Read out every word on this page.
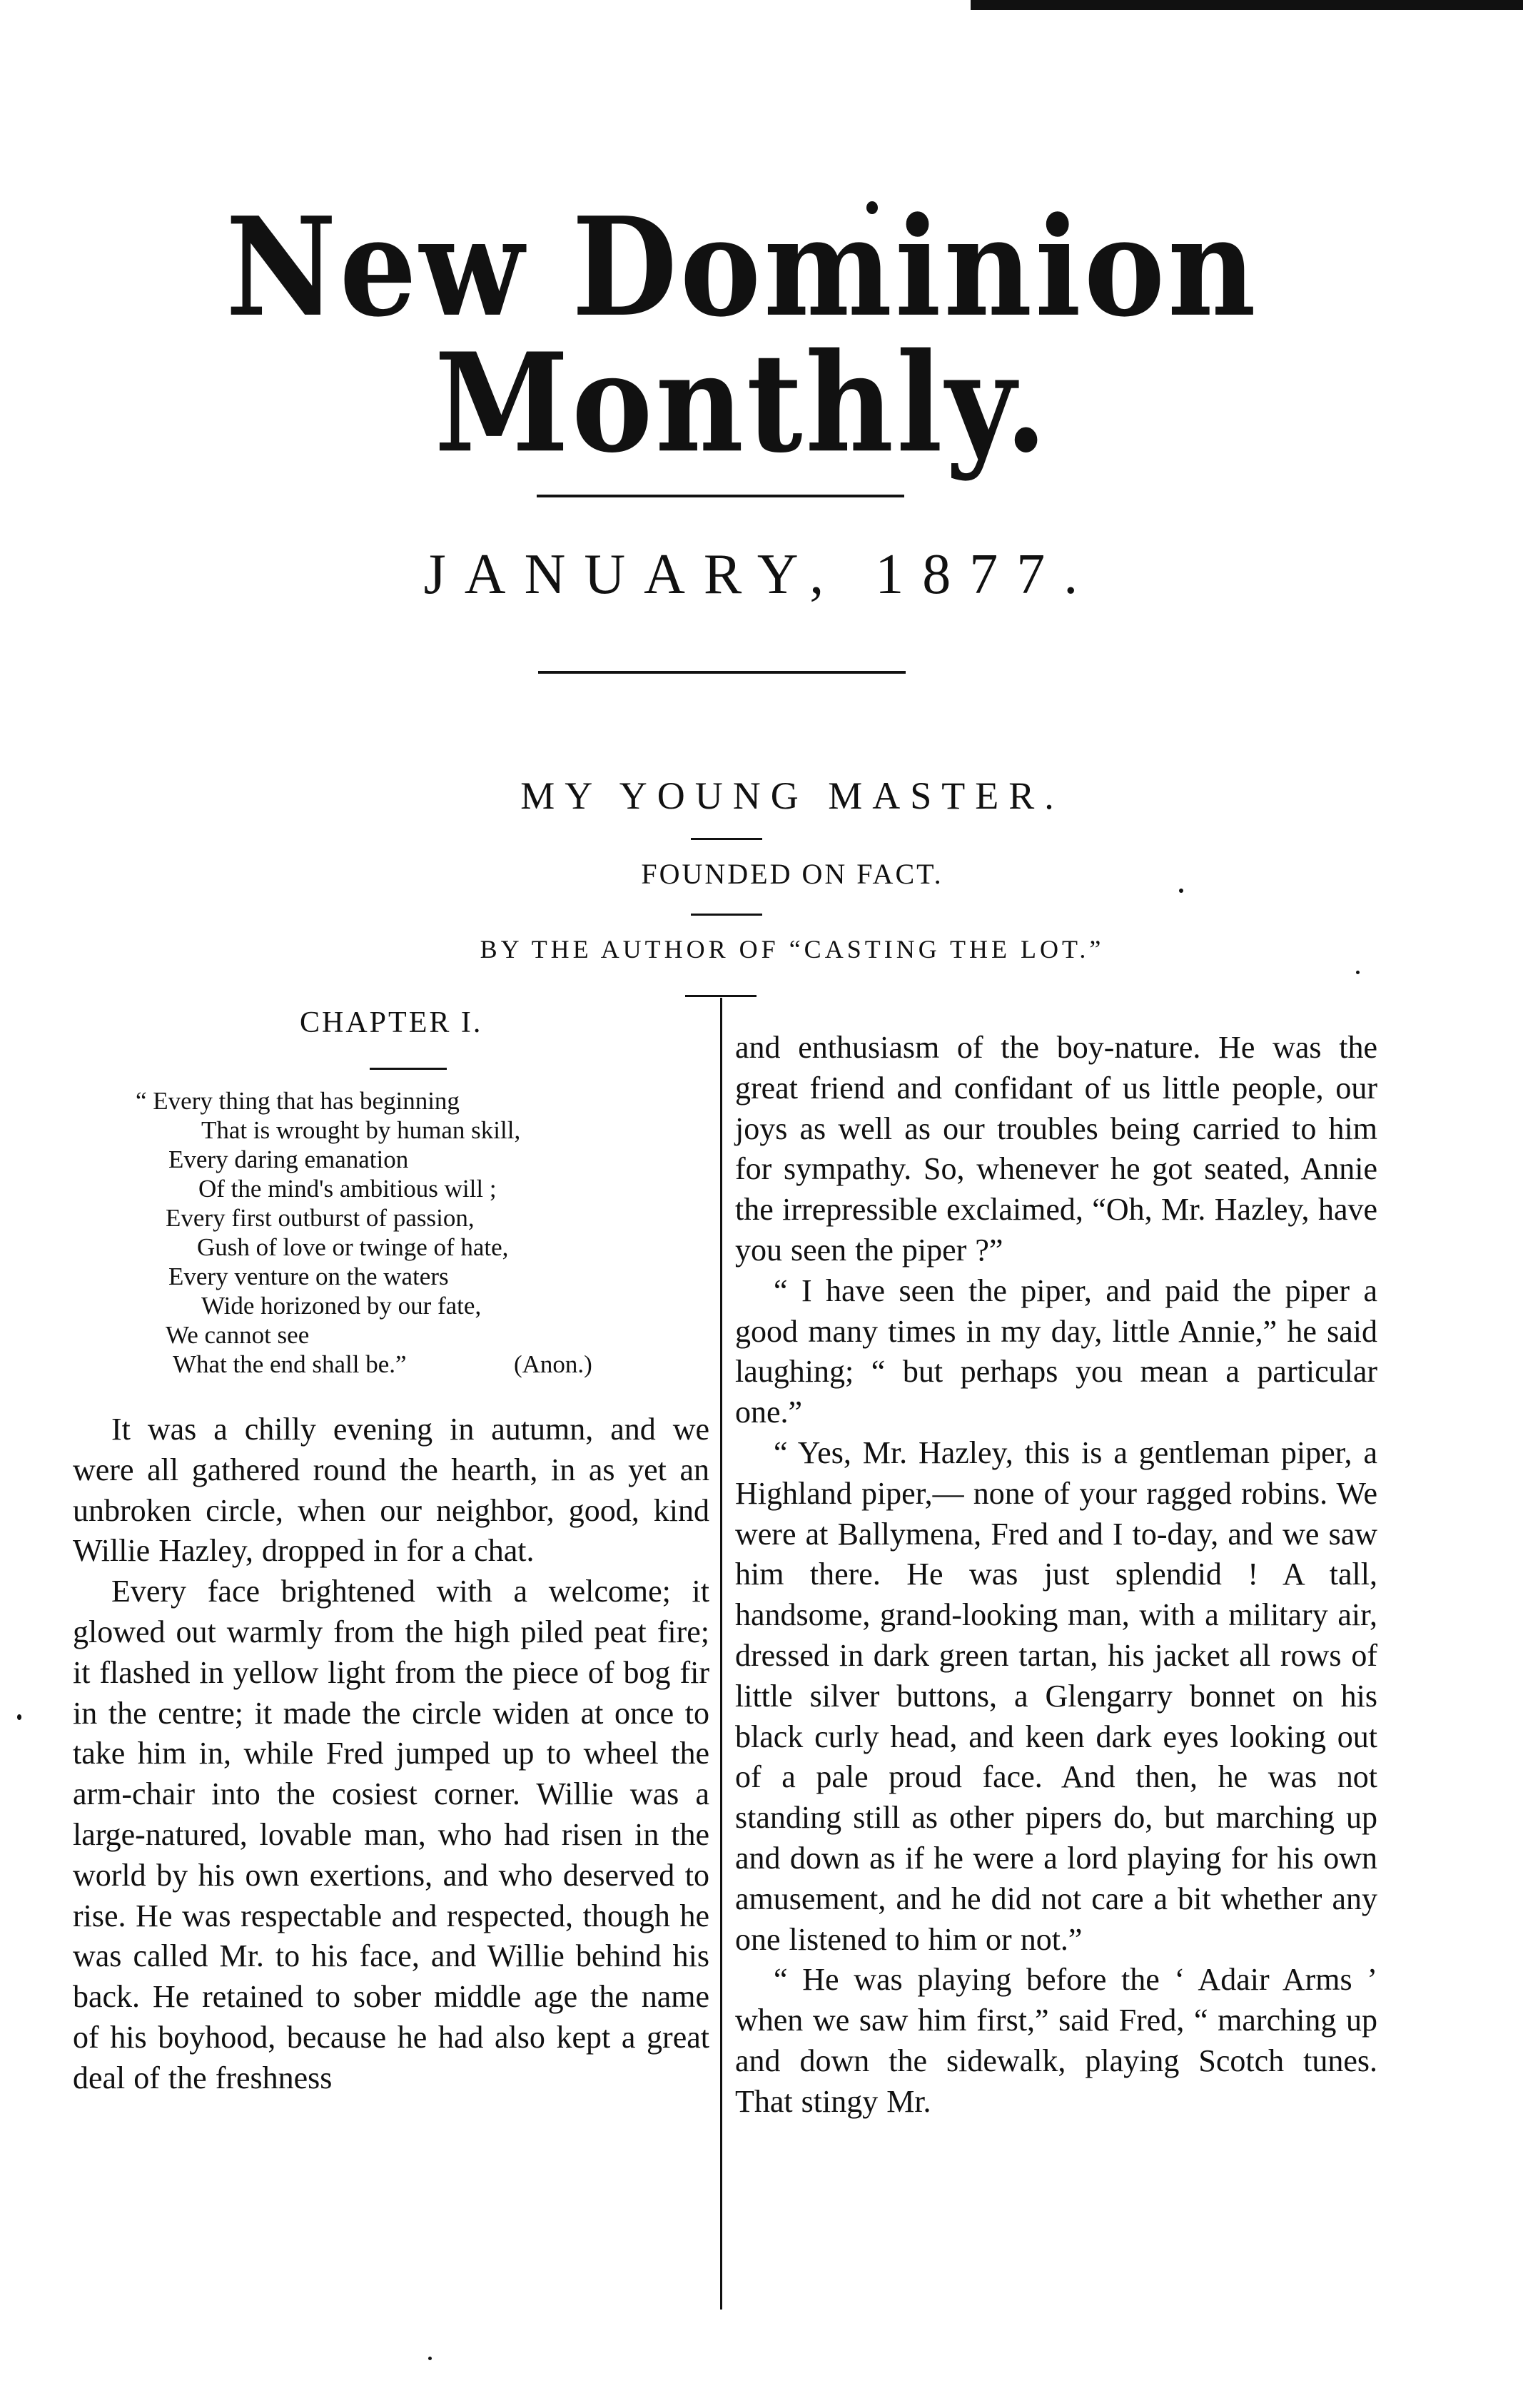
New Dominion Monthly.
JANUARY, 1877.
MY YOUNG MASTER.
FOUNDED ON FACT.
BY THE AUTHOR OF “CASTING THE LOT.”
CHAPTER I.
“ Every thing that has beginning
That is wrought by human skill,
Every daring emanation
Of the mind's ambitious will ;
Every first outburst of passion,
Gush of love or twinge of hate,
Every venture on the waters
Wide horizoned by our fate,
We cannot see
What the end shall be.”	(Anon.)

It was a chilly evening in autumn, and we were all gathered round the hearth, in as yet an unbroken circle, when our neighbor, good, kind Willie Hazley, dropped in for a chat.

Every face brightened with a welcome; it glowed out warmly from the high piled peat fire; it flashed in yellow light from the piece of bog fir in the centre; it made the circle widen at once to take him in, while Fred jumped up to wheel the arm-chair into the cosiest corner. Willie was a large-natured, lovable man, who had risen in the world by his own exertions, and who deserved to rise. He was respectable and respected, though he was called Mr. to his face, and Willie behind his back. He retained to sober middle age the name of his boyhood, because he had also kept a great deal of the freshness

and enthusiasm of the boy-nature. He was the great friend and confidant of us little people, our joys as well as our troubles being carried to him for sympathy. So, whenever he got seated, Annie the irrepressible exclaimed, “Oh, Mr. Hazley, have you seen the piper ?”

“ I have seen the piper, and paid the piper a good many times in my day, little Annie,” he said laughing; “ but perhaps you mean a particular one.”

“ Yes, Mr. Hazley, this is a gentleman piper, a Highland piper,— none of your ragged robins. We were at Ballymena, Fred and I to-day, and we saw him there. He was just splendid ! A tall, handsome, grand-looking man, with a military air, dressed in dark green tartan, his jacket all rows of little silver buttons, a Glengarry bonnet on his black curly head, and keen dark eyes looking out of a pale proud face. And then, he was not standing still as other pipers do, but marching up and down as if he were a lord playing for his own amusement, and he did not care a bit whether any one listened to him or not.”

“ He was playing before the ‘ Adair Arms ’ when we saw him first,” said Fred, “ marching up and down the sidewalk, playing Scotch tunes. That stingy Mr.
